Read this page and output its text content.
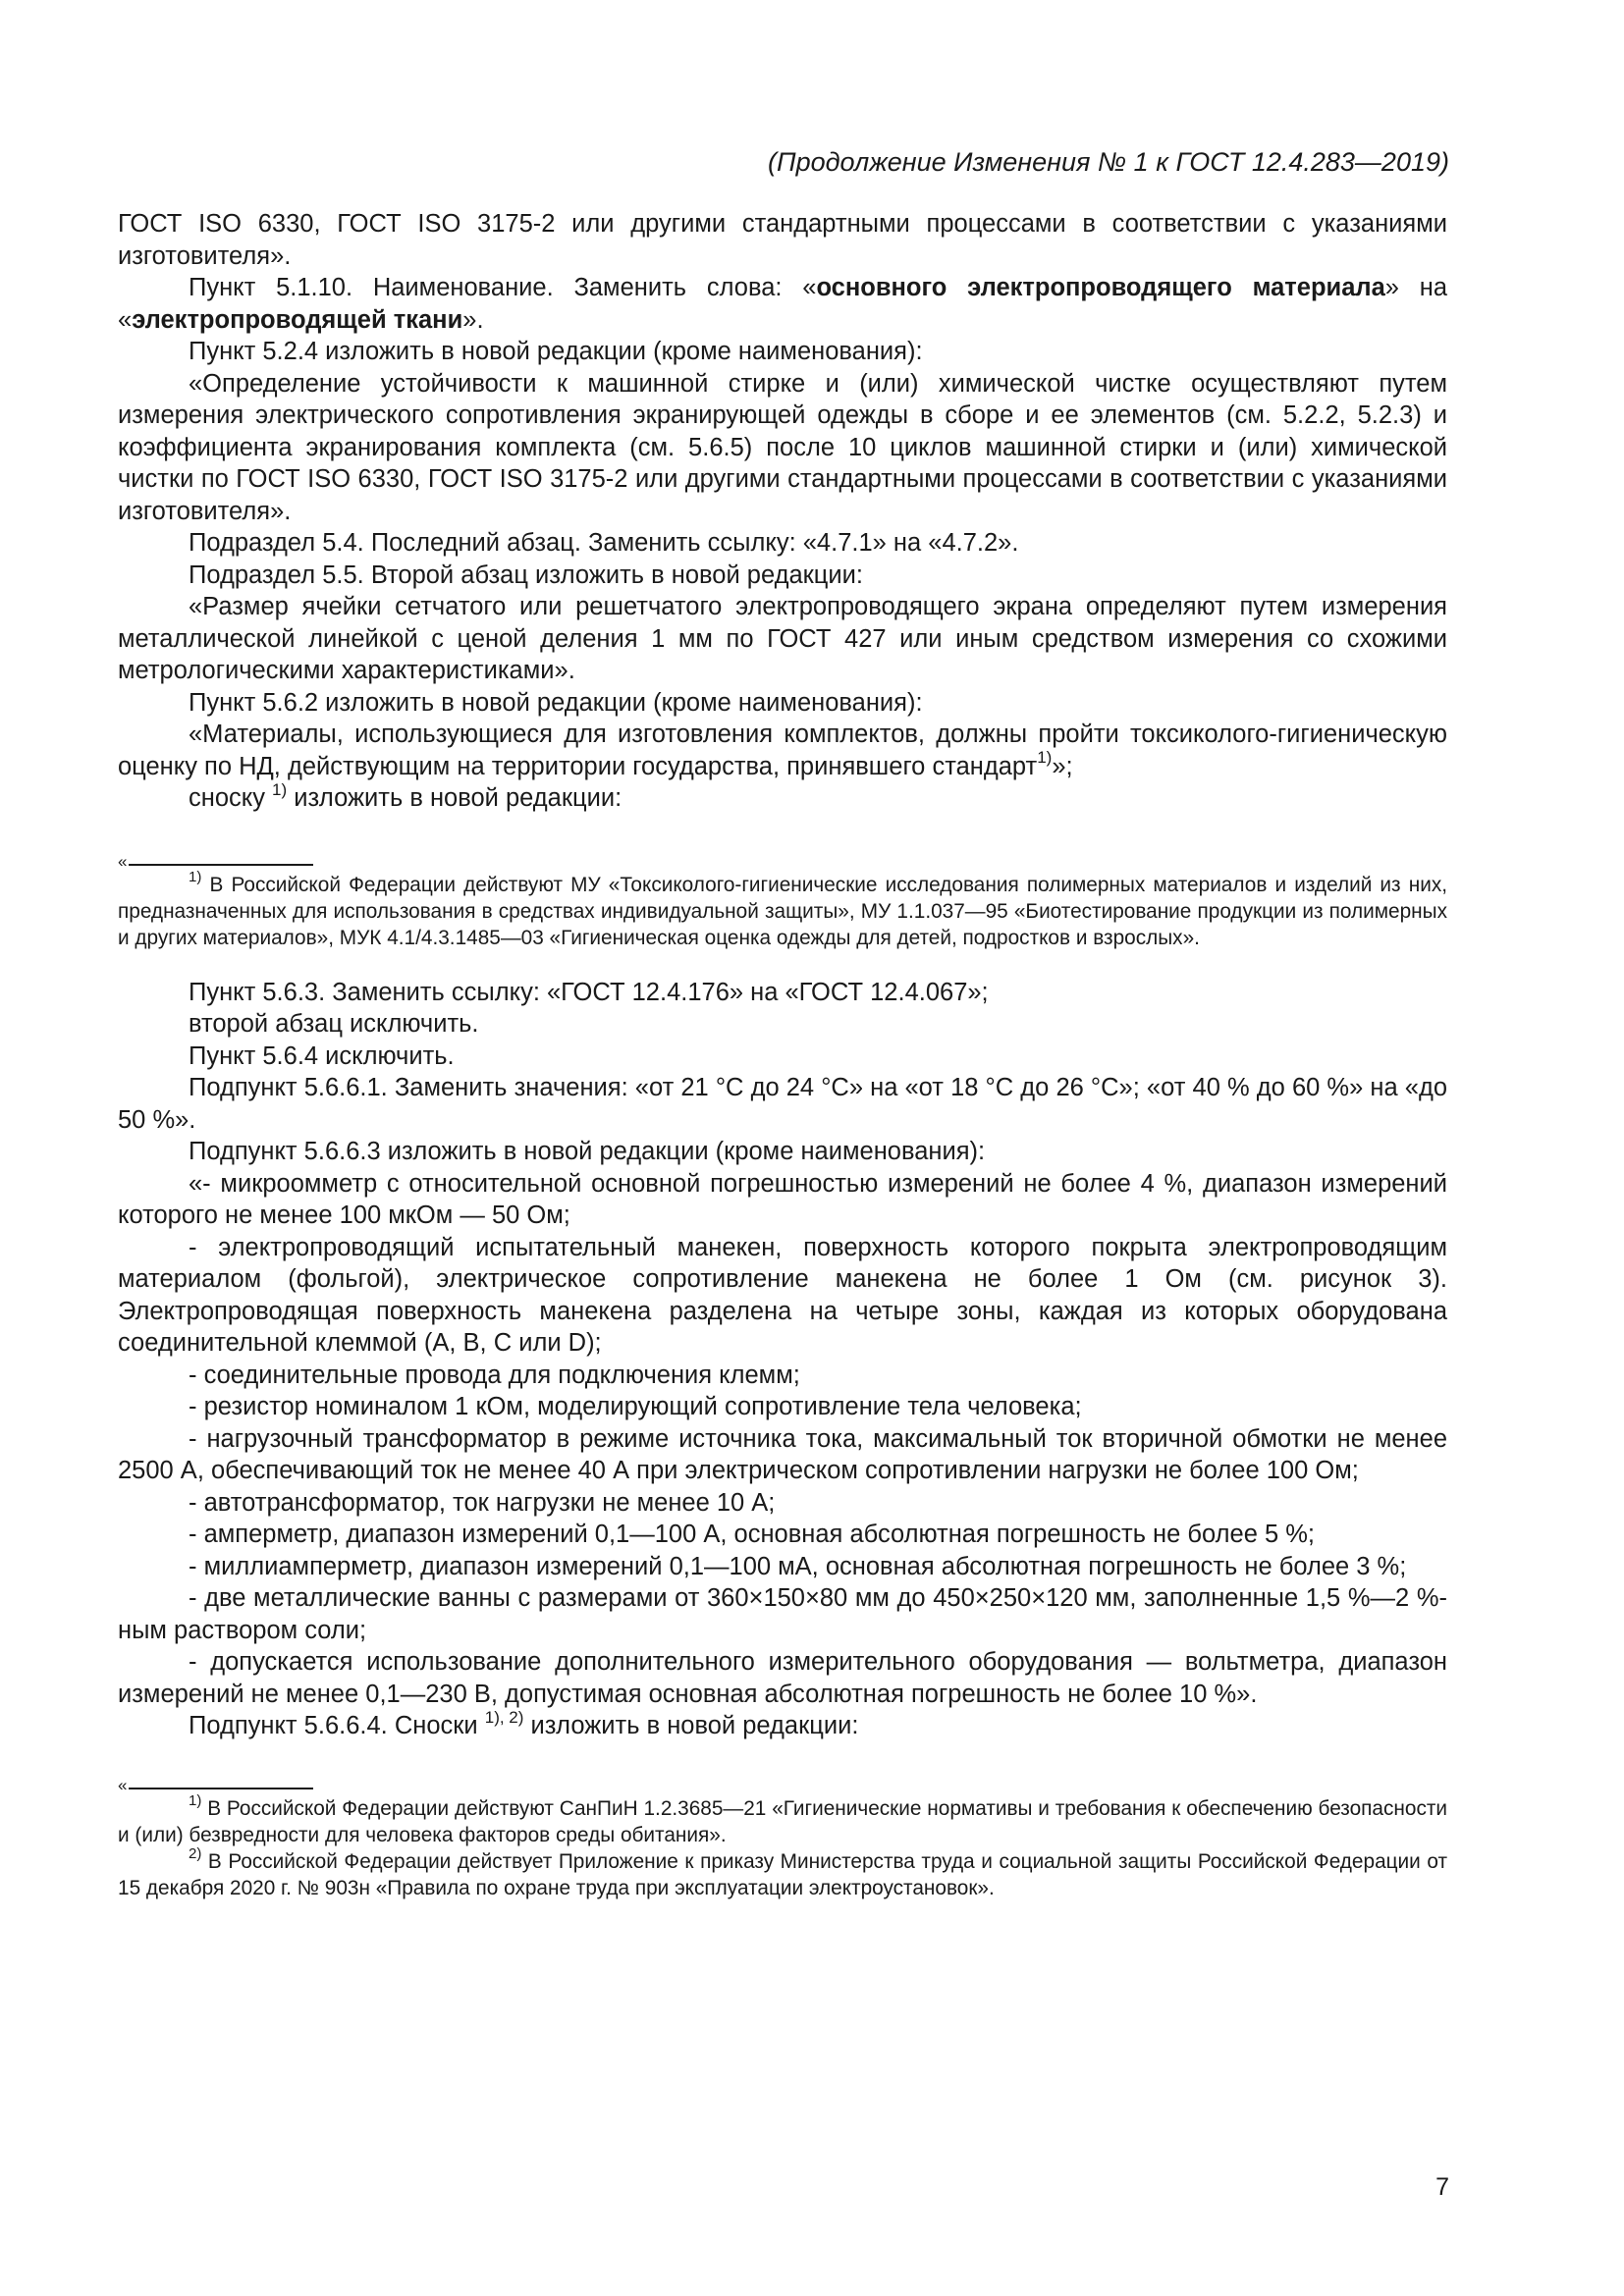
(Продолжение Изменения № 1 к ГОСТ 12.4.283—2019)

ГОСТ ISO 6330, ГОСТ ISO 3175-2 или другими стандартными процессами в соответствии с указаниями изготовителя».

Пункт 5.1.10. Наименование. Заменить слова: «основного электропроводящего материала» на «электропроводящей ткани».

Пункт 5.2.4 изложить в новой редакции (кроме наименования):

«Определение устойчивости к машинной стирке и (или) химической чистке осуществляют путем измерения электрического сопротивления экранирующей одежды в сборе и ее элементов (см. 5.2.2, 5.2.3) и коэффициента экранирования комплекта (см. 5.6.5) после 10 циклов машинной стирки и (или) химической чистки по ГОСТ ISO 6330, ГОСТ ISO 3175-2 или другими стандартными процессами в соответствии с указаниями изготовителя».

Подраздел 5.4. Последний абзац. Заменить ссылку: «4.7.1» на «4.7.2».

Подраздел 5.5. Второй абзац изложить в новой редакции:

«Размер ячейки сетчатого или решетчатого электропроводящего экрана определяют путем измерения металлической линейкой с ценой деления 1 мм по ГОСТ 427 или иным средством измерения со схожими метрологическими характеристиками».

Пункт 5.6.2 изложить в новой редакции (кроме наименования):

«Материалы, использующиеся для изготовления комплектов, должны пройти токсиколого-гигиеническую оценку по НД, действующим на территории государства, принявшего стандарт$^{1)}$»;

сноску $^{1)}$ изложить в новой редакции:

«

$^{1)}$ В Российской Федерации действуют МУ «Токсиколого-гигиенические исследования полимерных материалов и изделий из них, предназначенных для использования в средствах индивидуальной защиты», МУ 1.1.037—95 «Биотестирование продукции из полимерных и других материалов», МУК 4.1/4.3.1485—03 «Гигиеническая оценка одежды для детей, подростков и взрослых».

Пункт 5.6.3. Заменить ссылку: «ГОСТ 12.4.176» на «ГОСТ 12.4.067»;

второй абзац исключить.

Пункт 5.6.4 исключить.

Подпункт 5.6.6.1. Заменить значения: «от 21 °С до 24 °С» на «от 18 °С до 26 °С»; «от 40 % до 60 %» на «до 50 %».

Подпункт 5.6.6.3 изложить в новой редакции (кроме наименования):

«- микроомметр с относительной основной погрешностью измерений не более 4 %, диапазон измерений которого не менее 100 мкОм — 50 Ом;

- электропроводящий испытательный манекен, поверхность которого покрыта электропроводящим материалом (фольгой), электрическое сопротивление манекена не более 1 Ом (см. рисунок 3). Электропроводящая поверхность манекена разделена на четыре зоны, каждая из которых оборудована соединительной клеммой (A, B, C или D);

- соединительные провода для подключения клемм;

- резистор номиналом 1 кОм, моделирующий сопротивление тела человека;

- нагрузочный трансформатор в режиме источника тока, максимальный ток вторичной обмотки не менее 2500 А, обеспечивающий ток не менее 40 А при электрическом сопротивлении нагрузки не более 100 Ом;

- автотрансформатор, ток нагрузки не менее 10 А;

- амперметр, диапазон измерений 0,1—100 А, основная абсолютная погрешность не более 5 %;

- миллиамперметр, диапазон измерений 0,1—100 мА, основная абсолютная погрешность не более 3 %;

- две металлические ванны с размерами от 360×150×80 мм до 450×250×120 мм, заполненные 1,5 %—2 %-ным раствором соли;

- допускается использование дополнительного измерительного оборудования — вольтметра, диапазон измерений не менее 0,1—230 В, допустимая основная абсолютная погрешность не более 10 %».

Подпункт 5.6.6.4. Сноски $^{1), 2)}$ изложить в новой редакции:

«

$^{1)}$ В Российской Федерации действуют СанПиН 1.2.3685—21 «Гигиенические нормативы и требования к обеспечению безопасности и (или) безвредности для человека факторов среды обитания».

$^{2)}$ В Российской Федерации действует Приложение к приказу Министерства труда и социальной защиты Российской Федерации от 15 декабря 2020 г. № 903н «Правила по охране труда при эксплуатации электроустановок».

7
